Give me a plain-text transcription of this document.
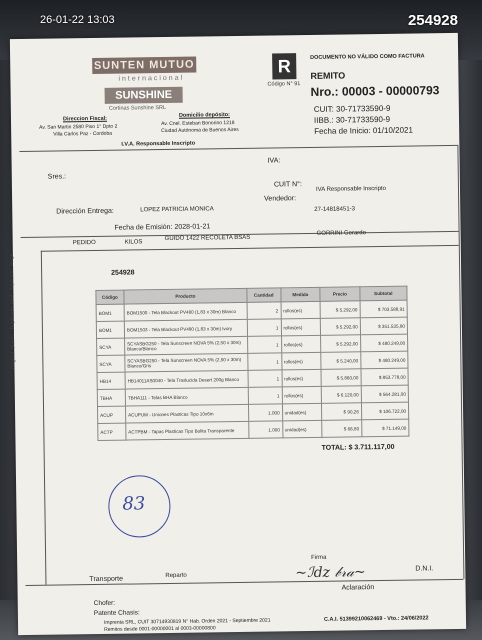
26-01-22 13:03	254928
SUNTEN MUTUO
internacional
SUNSHINE
Cortinas Sunshine SRL
Direccion Fiscal:
Av. San Martin 2580 Piso 1° Dpto 2
Villa Carlos Paz - Cordoba
Domicilio depósito:
Av. Cnel. Esteban Bonorino 1218
Ciudad Autónoma de Buenos Aires
I.V.A. Responsable Inscripto
R
Código N° 91
DOCUMENTO NO VÁLIDO COMO FACTURA
REMITO
Nro.: 00003 - 00000793
CUIT: 30-71733590-9
IIBB.: 30-71733590-9
Fecha de Inicio: 01/10/2021
Sres.:
IVA:
CUIT N°:
IVA Responsable Inscripto
Vendedor:
27-14818451-3
Dirección Entrega:	LOPEZ PATRICIA MONICA
Fecha de Emisión: 2028-01-21
PEDIDO	KILOS
GUIDO 1422 RECOLETA BSAS
GORRINI Gerardo
254928
Original: Blanco - Duplicado: Azul - Triplicado: Beige	Código	Producto	Cantidad	Medida	Precio	Subtotal
BOM1	BOM1500 - Tela Blackout PV480 (1,83 x 30m) Blanco	2	rollos(es)	$ 5.292,00	$ 703.588,91
BOM1	BOM1503 - Tela Blackout PV480 (1,83 x 30m) Ivory	1	rollos(es)	$ 5.292,00	$ 351.535,80
SCYA	SCYASBG250 - Tela Sunscreen NOVA 5% (2,50 x 30m) Blanco/Blanco	1	rollos(es)	$ 5.292,00	$ 480.249,00
SCYA	SCYASBG250 - Tela Sunscreen NOVA 5% (2,50 x 30m) Blanco/Gris	1	rollos(es)	$ 5.240,00	$ 480.249,00
HB14	HB14011AS0040 - Tela Traslucida Desert 200g Blanco	1	rollos(es)	$ 5.860,00	$ 853.778,00
TBHA	TBHA111 - Telas BHA Blanco	1	rollos(es)	$ 6.120,00	$ 564.281,00
ACUP	ACUPUM - Uniones Plasticas Tipo 10x6m	1.000	unidad(es)	$ 90,26	$ 106.722,00
ACTP	ACTPBM - Tapas Plasticas Tipo Bolita Transparente	1.000	unidad(es)	$ 68,80	$ 71.149,00
TOTAL: $ 3.711.117,00
83
Firma
D.N.I.
~ℐdz 𝒷𝓇𝒶~
Aclaración
Transporte	Reparto
Chofer:
Patente Chasis:
Imprenta SRL, CUIT 30714930819 N° Hab. Orden 2021 - Septiembre 2021
Remitos desde 0001-00000001 al 0003-00000800
C.A.I. 51399210062469 - Vto.: 24/06/2022
